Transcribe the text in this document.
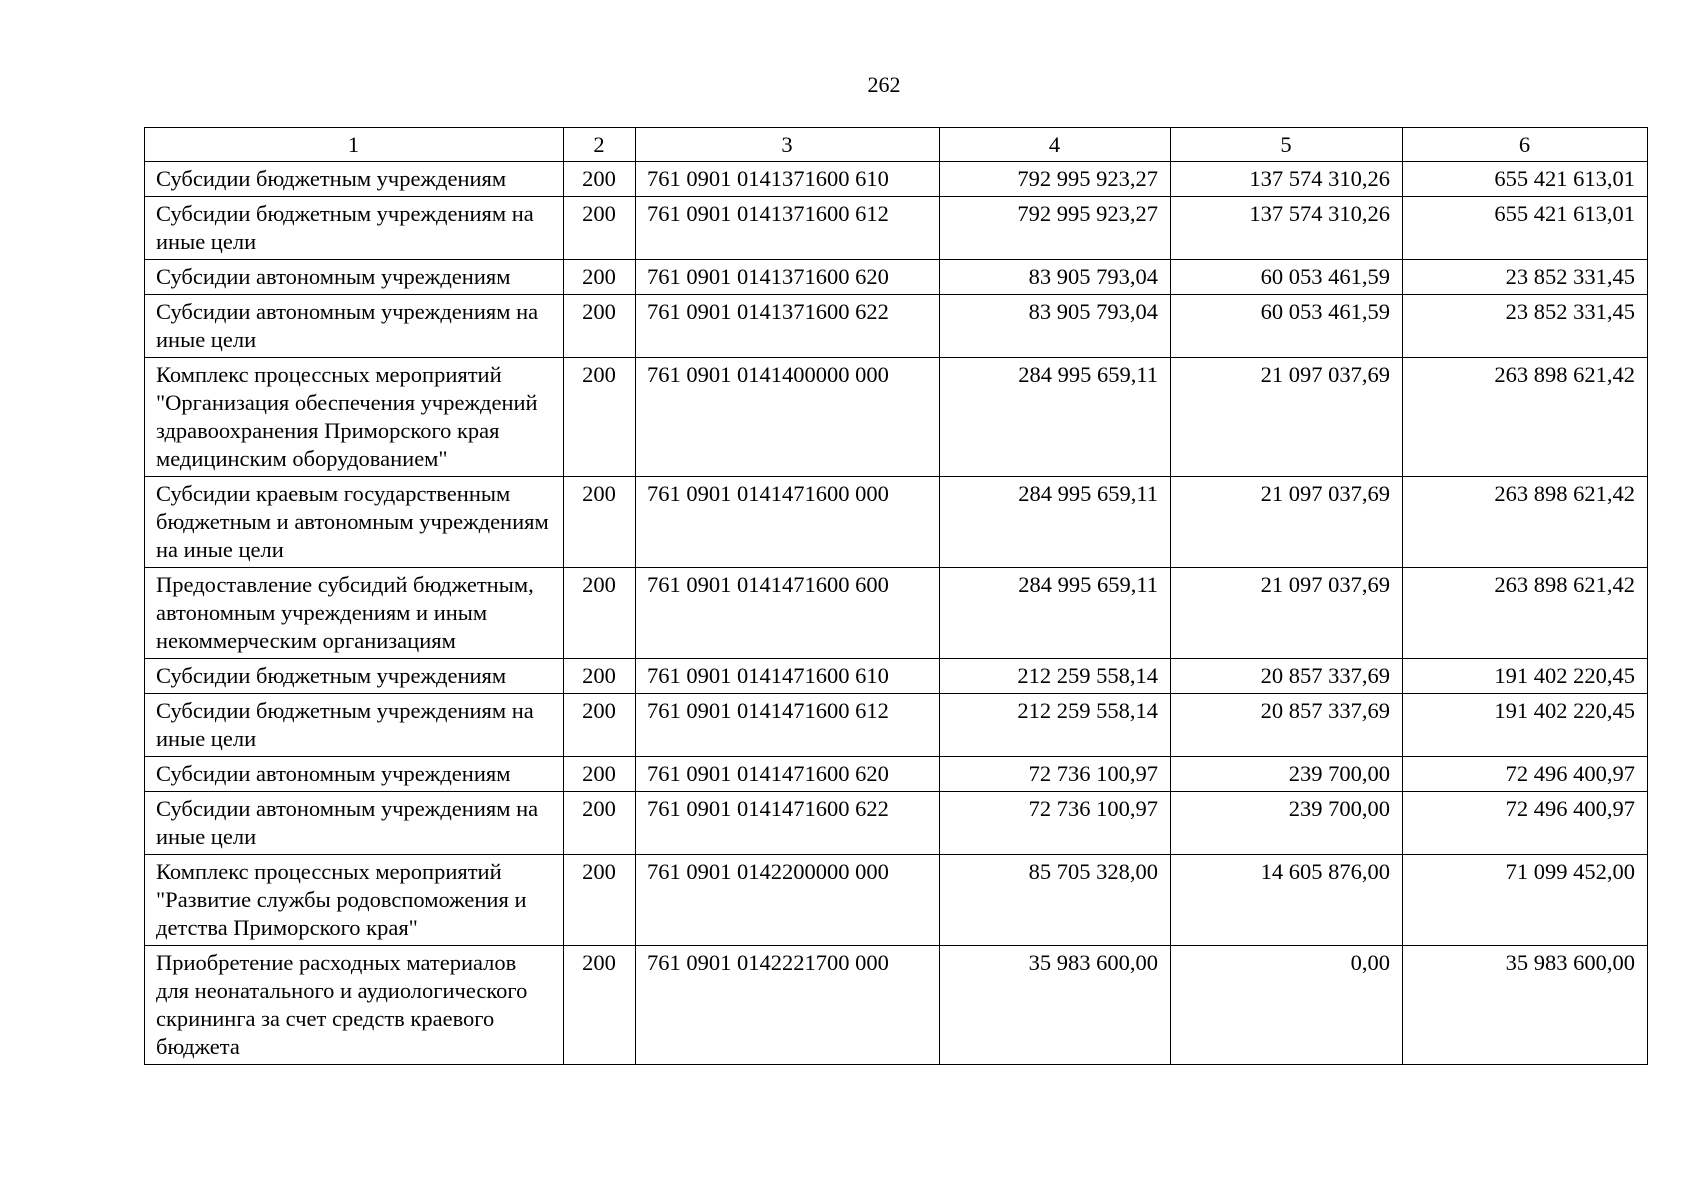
262
1	2	3	4	5	6
Субсидии бюджетным учреждениям	200	761 0901 0141371600 610	792 995 923,27	137 574 310,26	655 421 613,01
Субсидии бюджетным учреждениям на иные цели	200	761 0901 0141371600 612	792 995 923,27	137 574 310,26	655 421 613,01
Субсидии автономным учреждениям	200	761 0901 0141371600 620	83 905 793,04	60 053 461,59	23 852 331,45
Субсидии автономным учреждениям на иные цели	200	761 0901 0141371600 622	83 905 793,04	60 053 461,59	23 852 331,45
Комплекс процессных мероприятий "Организация обеспечения учреждений здравоохранения Приморского края медицинским оборудованием"	200	761 0901 0141400000 000	284 995 659,11	21 097 037,69	263 898 621,42
Субсидии краевым государственным бюджетным и автономным учреждениям на иные цели	200	761 0901 0141471600 000	284 995 659,11	21 097 037,69	263 898 621,42
Предоставление субсидий бюджетным, автономным учреждениям и иным некоммерческим организациям	200	761 0901 0141471600 600	284 995 659,11	21 097 037,69	263 898 621,42
Субсидии бюджетным учреждениям	200	761 0901 0141471600 610	212 259 558,14	20 857 337,69	191 402 220,45
Субсидии бюджетным учреждениям на иные цели	200	761 0901 0141471600 612	212 259 558,14	20 857 337,69	191 402 220,45
Субсидии автономным учреждениям	200	761 0901 0141471600 620	72 736 100,97	239 700,00	72 496 400,97
Субсидии автономным учреждениям на иные цели	200	761 0901 0141471600 622	72 736 100,97	239 700,00	72 496 400,97
Комплекс процессных мероприятий "Развитие службы родовспоможения и детства Приморского края"	200	761 0901 0142200000 000	85 705 328,00	14 605 876,00	71 099 452,00
Приобретение расходных материалов для неонатального и аудиологического скрининга за счет средств краевого бюджета	200	761 0901 0142221700 000	35 983 600,00	0,00	35 983 600,00
